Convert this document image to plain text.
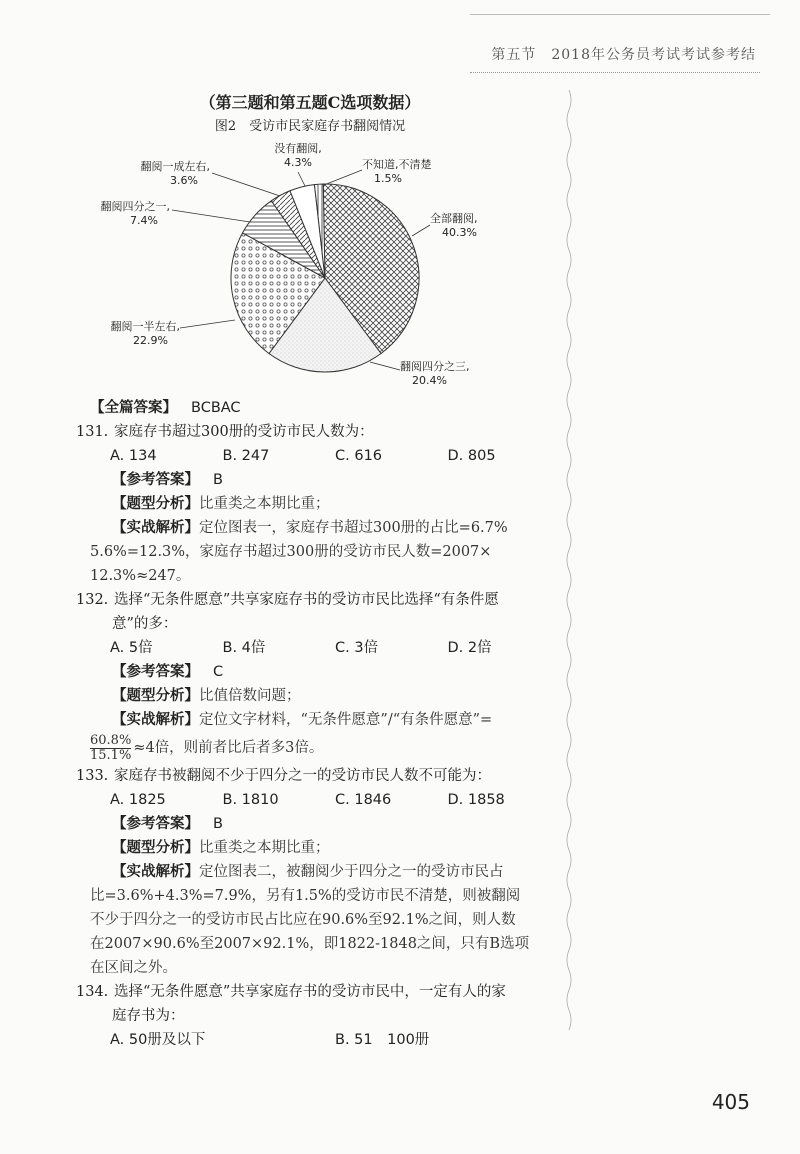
第五节　2018年公务员考试考试参考结
（第三题和第五题C选项数据）
图2　受访市民家庭存书翻阅情况
全部翻阅,
40.3%
翻阅四分之三,
20.4%
翻阅一半左右,
22.9%
翻阅四分之一,
7.4%
翻阅一成左右,
3.6%
没有翻阅,
4.3%	不知道,不清楚
1.5%
【全篇答案】 BCBAC
131. 家庭存书超过300册的受访市民人数为：
A. 134	B. 247	C. 616	D. 805
【参考答案】 B
【题型分析】比重类之本期比重；
【实战解析】定位图表一，家庭存书超过300册的占比=6.7%
5.6%=12.3%，家庭存书超过300册的受访市民人数=2007×
12.3%≈247。
132. 选择“无条件愿意”共享家庭存书的受访市民比选择“有条件愿
意”的多：
A. 5倍	B. 4倍	C. 3倍	D. 2倍
【参考答案】 C
【题型分析】比值倍数问题；
【实战解析】定位文字材料，“无条件愿意”/“有条件愿意”=
$\frac{60.8\%}{15.1\%} \approx 4$倍，则前者比后者多3倍。
133. 家庭存书被翻阅不少于四分之一的受访市民人数不可能为：
A. 1825	B. 1810	C. 1846	D. 1858
【参考答案】 B
【题型分析】比重类之本期比重；
【实战解析】定位图表二，被翻阅少于四分之一的受访市民占
比=3.6%+4.3%=7.9%，另有1.5%的受访市民不清楚，则被翻阅
不少于四分之一的受访市民占比应在90.6%至92.1%之间，则人数
在2007×90.6%至2007×92.1%，即1822-1848之间，只有B选项
在区间之外。
134. 选择“无条件愿意”共享家庭存书的受访市民中，一定有人的家
庭存书为：
A. 50册及以下	B. 51　100册
405
